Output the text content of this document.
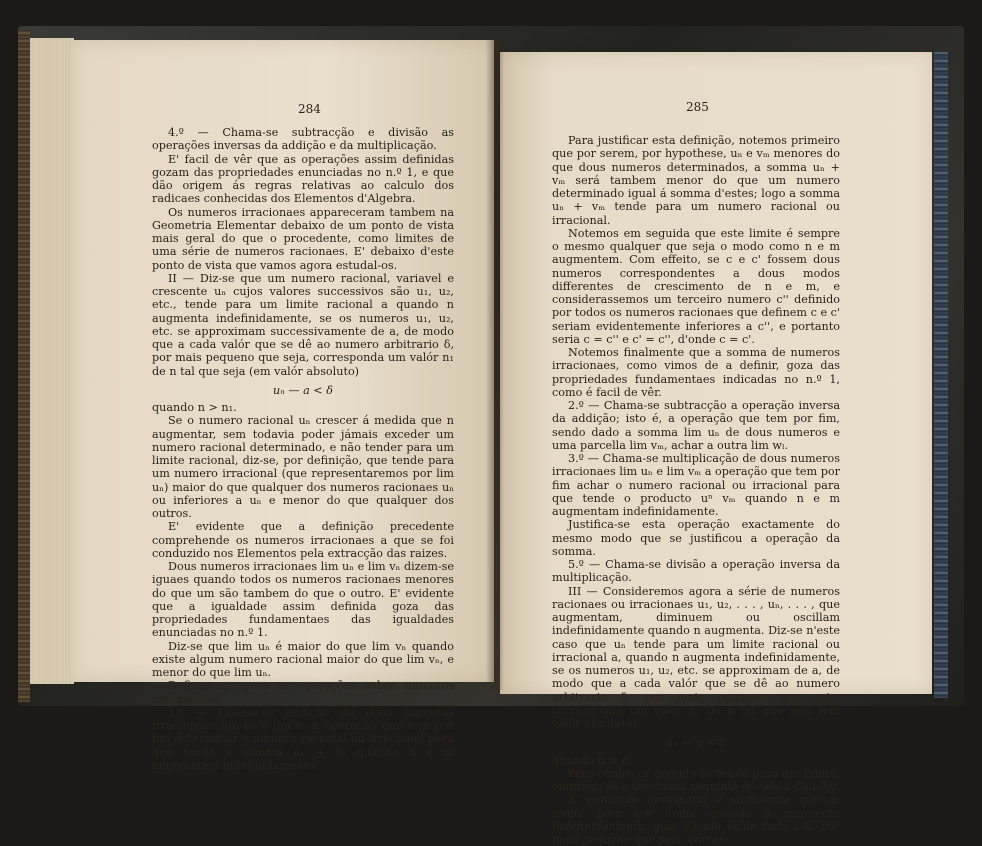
284

4.º — Chama-se subtracção e divisão as operações inversas da addição e da multiplicação.

E' facil de vêr que as operações assim definidas gozam das propriedades enunciadas no n.º 1, e que dão origem ás regras relativas ao calculo dos radicaes conhecidas dos Elementos d'Algebra.

Os numeros irracionaes appareceram tambem na Geometria Elementar debaixo de um ponto de vista mais geral do que o procedente, como limites de uma série de numeros racionaes. E' debaixo d'este ponto de vista que vamos agora estudal-os.

II — Diz-se que um numero racional, variavel e crescente uₙ cujos valores successivos são u₁, u₂, etc., tende para um limite racional a quando n augmenta indefinidamente, se os numeros u₁, u₂, etc. se approximam successivamente de a, de modo que a cada valór que se dê ao numero arbitrario δ, por mais pequeno que seja, corresponda um valór n₁ de n tal que seja (em valór absoluto)

uₙ — a < δ

quando n > n₁.

Se o numero racional uₙ crescer á medida que n augmentar, sem todavia poder jámais exceder um numero racional determinado, e não tender para um limite racional, diz-se, por definição, que tende para um numero irracional (que representaremos por lim uₙ) maior do que qualquer dos numeros racionaes uₙ ou inferiores a uₙ e menor do que qualquer dos outros.

E' evidente que a definição precedente comprehende os numeros irracionaes a que se foi conduzido nos Elementos pela extracção das raizes.

Dous numeros irracionaes lim uₙ e lim vₙ dizem-se iguaes quando todos os numeros racionaes menores do que um são tambem do que o outro. E' evidente que a igualdade assim definida goza das propriedades fundamentaes das igualdades enunciadas no n.º 1.

Diz-se que lim uₙ é maior do que lim vₙ quando existe algum numero racional maior do que lim vₙ, e menor do que lim uₙ.

Definamos agora as operações sobre numeros irracionaes.

1.º — Chama-se addição de dous numeros irracionaes lim uₙ e lim vₙ a operação que tem por fim determinar o numero racional ou irracional para que tende a somma uₙ + vₙ quando n e m augmentam indefinidamente.

285

Para justificar esta definição, notemos primeiro que por serem, por hypothese, uₙ e vₘ menores do que dous numeros determinados, a somma uₙ + vₘ será tambem menor do que um numero determinado igual á somma d'estes; logo a somma uₙ + vₘ tende para um numero racional ou irracional.

Notemos em seguida que este limite é sempre o mesmo qualquer que seja o modo como n e m augmentem. Com effeito, se c e c' fossem dous numeros correspondentes a dous modos differentes de crescimento de n e m, e considerassemos um terceiro numero c'' definido por todos os numeros racionaes que definem c e c' seriam evidentemente inferiores a c'', e portanto seria c = c'' e c' = c'', d'onde c = c'.

Notemos finalmente que a somma de numeros irracionaes, como vimos de a definir, goza das propriedades fundamentaes indicadas no n.º 1, como é facil de vêr.

2.º — Chama-se subtracção a operação inversa da addição; isto é, a operação que tem por fim, sendo dado a somma lim uₙ de dous numeros e uma parcella lim vₘ, achar a outra lim wₗ.

3.º — Chama-se multiplicação de dous numeros irracionaes lim uₙ e lim vₘ a operação que tem por fim achar o numero racional ou irracional para que tende o producto uⁿ vₘ quando n e m augmentam indefinidamente.

Justifica-se esta operação exactamente do mesmo modo que se justificou a operação da somma.

5.º — Chama-se divisão a operação inversa da multiplicação.

III — Consideremos agora a série de numeros racionaes ou irracionaes u₁, u₂, . . . , uₙ, . . . , que augmentam, diminuem ou oscillam indefinidamente quando n augmenta. Diz-se n'este caso que uₙ tende para um limite racional ou irracional a, quando n augmenta indefinidamente, se os numeros u₁, u₂, etc. se approximam de a, de modo que a cada valór que se dê ao numero arbitrario δ, por mais pequeno que seja, corresponda um valor n₁ de n tal que seja (em valór absoluto)

uₙ — a < δ

quando n > n₁.

Para conhecer quando uₙ tende para um limite, emprega-se o theorema seguinte devido a Cauchy:

E' condição necessaria e sufficiente que uₙ tenda para um limite quando n augmenta indefinidamente, que, a cada valór dado a δ, por mais pequeno que seja, corres-
